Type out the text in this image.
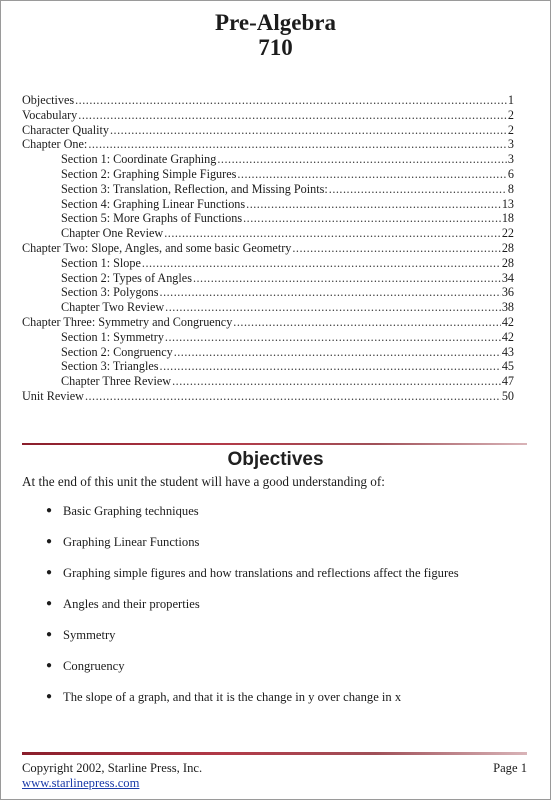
Pre-Algebra
710
Objectives .....	1
Vocabulary .....	2
Character Quality .....	2
Chapter One: .....	3
Section 1: Coordinate Graphing .....	3
Section 2: Graphing Simple Figures .....	6
Section 3: Translation, Reflection, and Missing Points: .....	8
Section 4: Graphing Linear Functions .....	13
Section 5: More Graphs of Functions .....	18
Chapter One Review .....	22
Chapter Two: Slope, Angles, and some basic Geometry .....	28
Section 1: Slope .....	28
Section 2: Types of Angles .....	34
Section 3: Polygons .....	36
Chapter Two Review .....	38
Chapter Three: Symmetry and Congruency .....	42
Section 1: Symmetry .....	42
Section 2: Congruency .....	43
Section 3: Triangles .....	45
Chapter Three Review .....	47
Unit Review .....	50
Objectives
At the end of this unit the student will have a good understanding of:
● Basic Graphing techniques
● Graphing Linear Functions
● Graphing simple figures and how translations and reflections affect the figures
● Angles and their properties
● Symmetry
● Congruency
● The slope of a graph, and that it is the change in y over change in x
Copyright 2002, Starline Press, Inc.
www.starlinepress.com
Page 1
